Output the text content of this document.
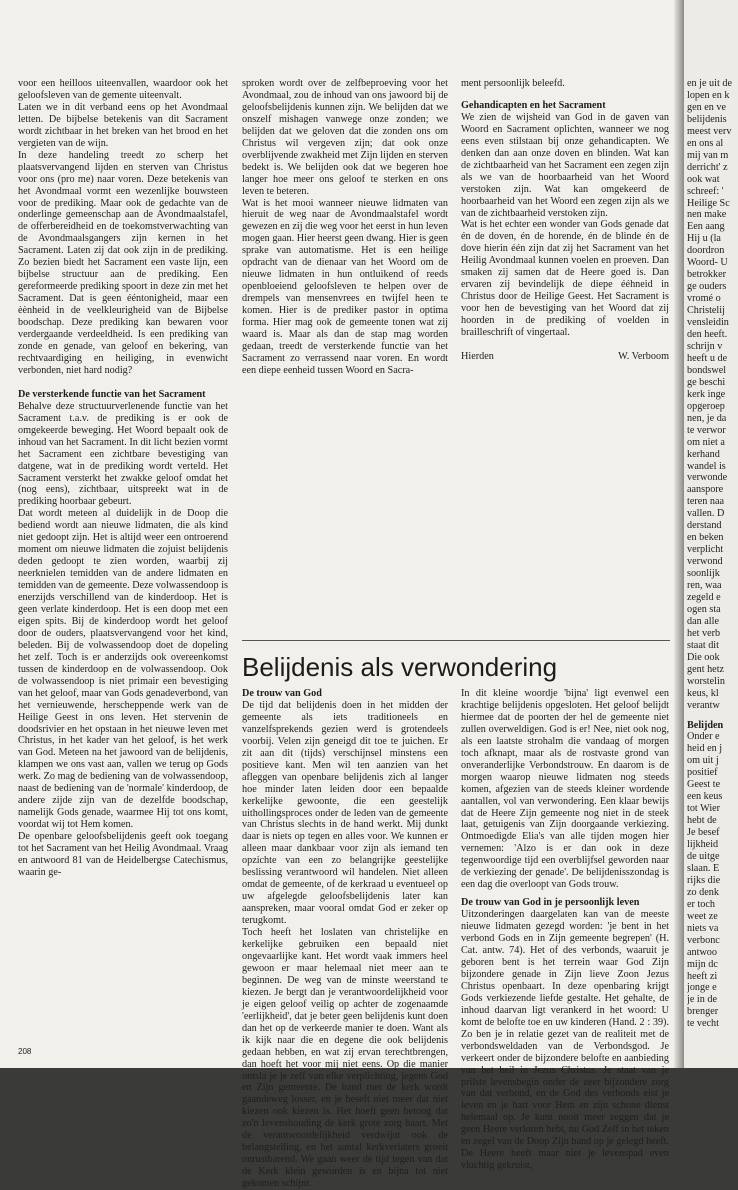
voor een heilloos uiteenvallen, waardoor ook het geloofsleven van de gemente uiteenvalt.

Laten we in dit verband eens op het Avondmaal letten. De bijbelse betekenis van dit Sacrament wordt zichtbaar in het breken van het brood en het vergieten van de wijn.

In deze handeling treedt zo scherp het plaatsvervangend lijden en sterven van Christus voor ons (pro me) naar voren. Deze betekenis van het Avondmaal vormt een wezenlijke bouwsteen voor de prediking. Maar ook de gedachte van de onderlinge gemeenschap aan de Avondmaalstafel, de offerbereidheid en de toekomstverwachting van de Avondmaalsgangers zijn kernen in het Sacrament. Laten zij dat ook zijn in de prediking. Zo bezien biedt het Sacrament een vaste lijn, een bijbelse structuur aan de prediking. Een gereformeerde prediking spoort in deze zin met het Sacrament. Dat is geen ééntonigheid, maar een ėėnheid in de veelkleurigheid van de Bijbelse boodschap. Deze prediking kan bewaren voor verdergaande verdeeldheid. Is een prediking van zonde en genade, van geloof en bekering, van rechtvaardiging en heiliging, in evenwicht verbonden, niet hard nodig?

De versterkende functie van het Sacrament

Behalve deze structuurverlenende functie van het Sacrament t.a.v. de prediking is er ook de omgekeerde beweging. Het Woord bepaalt ook de inhoud van het Sacrament. In dit licht bezien vormt het Sacrament een zichtbare bevestiging van datgene, wat in de prediking wordt verteld. Het Sacrament versterkt het zwakke geloof omdat het (nog eens), zichtbaar, uitspreekt wat in de prediking hoorbaar gebeurt.

Dat wordt meteen al duidelijk in de Doop die bediend wordt aan nieuwe lidmaten, die als kind niet gedoopt zijn. Het is altijd weer een ontroerend moment om nieuwe lidmaten die zojuist belijdenis deden gedoopt te zien worden, waarbij zij neerknielen temidden van de andere lidmaten en temidden van de gemeente. Deze volwassendoop is enerzijds verschillend van de kinderdoop. Het is geen verlate kinderdoop. Het is een doop met een eigen spits. Bij de kinderdoop wordt het geloof door de ouders, plaatsvervangend voor het kind, beleden. Bij de volwassendoop doet de dopeling het zelf. Toch is er anderzijds ook overeenkomst tussen de kinderdoop en de volwassendoop. Ook de volwassendoop is niet primair een bevestiging van het geloof, maar van Gods genadeverbond, van het vernieuwende, herscheppende werk van de Heilige Geest in ons leven. Het stervenin de doodsrivier en het opstaan in het nieuwe leven met Christus, in het kader van het geloof, is het werk van God. Meteen na het jawoord van de belijdenis, klampen we ons vast aan, vallen we terug op Gods werk. Zo mag de bediening van de volwassendoop, naast de bediening van de 'normale' kinderdoop, de andere zijde zijn van de dezelfde boodschap, namelijk Gods genade, waarmee Hij tot ons komt, voordat wij tot Hem komen.

De openbare geloofsbelijdenis geeft ook toegang tot het Sacrament van het Heilig Avondmaal. Vraag en antwoord 81 van de Heidelbergse Catechismus, waarin ge-

sproken wordt over de zelfbeproeving voor het Avondmaal, zou de inhoud van ons jawoord bij de geloofsbelijdenis kunnen zijn. We belijden dat we onszelf mishagen vanwege onze zonden; we belijden dat we geloven dat die zonden ons om Christus wil vergeven zijn; dat ook onze overblijvende zwakheid met Zijn lijden en sterven bedekt is. We belijden ook dat we begeren hoe langer hoe meer ons geloof te sterken en ons leven te beteren.

Wat is het mooi wanneer nieuwe lidmaten van hieruit de weg naar de Avondmaalstafel wordt gewezen en zij die weg voor het eerst in hun leven mogen gaan. Hier heerst geen dwang. Hier is geen sprake van automatisme. Het is een heilige opdracht van de dienaar van het Woord om de nieuwe lidmaten in hun ontluikend of reeds openbloeiend geloofsleven te helpen over de drempels van mensenvrees en twijfel heen te komen. Hier is de prediker pastor in optima forma. Hier mag ook de gemeente tonen wat zij waard is. Maar als dan de stap mag worden gedaan, treedt de versterkende functie van het Sacrament zo verrassend naar voren. En wordt een diepe eenheid tussen Woord en Sacra-

ment persoonlijk beleefd.

Gehandicapten en het Sacrament

We zien de wijsheid van God in de gaven van Woord en Sacrament oplichten, wanneer we nog eens even stilstaan bij onze gehandicapten. We denken dan aan onze doven en blinden. Wat kan de zichtbaarheid van het Sacrament een zegen zijn als we van de hoorbaarheid van het Woord verstoken zijn. Wat kan omgekeerd de hoorbaarheid van het Woord een zegen zijn als we van de zichtbaarheid verstoken zijn.

Wat is het echter een wonder van Gods genade dat én de doven, én de horende, én de blinde én de dove hierin één zijn dat zij het Sacrament van het Heilig Avondmaal kunnen voelen en proeven. Dan smaken zij samen dat de Heere goed is. Dan ervaren zij bevindelijk de diepe ééhneid in Christus door de Heilige Geest. Het Sacrament is voor hen de bevestiging van het Woord dat zij hoorden in de prediking of voelden in brailleschrift of vingertaal.

Hierden	W. Verboom
Belijdenis als verwondering
De trouw van God

De tijd dat belijdenis doen in het midden der gemeente als iets traditioneels en vanzelfsprekends gezien werd is grotendeels voorbij. Velen zijn geneigd dit toe te juichen. Er zit aan dit (tijds) verschijnsel minstens een positieve kant. Men wil ten aanzien van het afleggen van openbare belijdenis zich al langer hoe minder laten leiden door een bepaalde kerkelijke gewoonte, die een geestelijk uithollingsproces onder de leden van de gemeente van Christus slechts in de hand werkt. Mij dunkt daar is niets op tegen en alles voor. We kunnen er alleen maar dankbaar voor zijn als iemand ten opzichte van een zo belangrijke geestelijke beslissing verantwoord wil handelen. Niet alleen omdat de gemeente, of de kerkraad u eventueel op uw afgelegde geloofsbelijdenis later kan aanspreken, maar vooral omdat God er zeker op terugkomt.

Toch heeft het loslaten van christelijke en kerkelijke gebruiken een bepaald niet ongevaarlijke kant. Het wordt vaak immers heel gewoon er maar helemaal niet meer aan te beginnen. De weg van de minste weerstand te kiezen. Je bergt dan je verantwoordelijkheid voor je eigen geloof veilig op achter de zogenaamde 'eerlijkheid', dat je beter geen belijdenis kunt doen dan het op de verkeerde manier te doen. Want als ik kijk naar die en degene die ook belijdenis gedaan hebben, en wat zij ervan terechtbrengen, dan hoeft het voor mij niet eens. Op die manier ontsla je je zelf van elke verplichting, jegens God en Zijn gemeente. De band met de kerk wordt gaandeweg losser, en je beseft niet meer dat niet kiezen ook kiezen is. Het hoeft geen betoog dat zo'n levenshouding de kerk grote zorg baart. Met de verantwoordelijkheid verdwijnt ook de belangstelling, en het aantal kerkverlaters groeit onrustbarend. We gaan weer de tijd tegen van dat de Kerk klein geworden is en bijna tot niet gekomen schijnt.

In dit kleine woordje 'bijna' ligt evenwel een krachtige belijdenis opgesloten. Het geloof belijdt hiermee dat de poorten der hel de gemeente niet zullen overweldigen. God is er! Nee, niet ook nog, als een laatste strohalm die vandaag of morgen toch afknapt, maar als de rostvaste grond van onveranderlijke Verbondstrouw. En daarom is de morgen waarop nieuwe lidmaten nog steeds komen, afgezien van de steeds kleiner wordende aantallen, vol van verwondering. Een klaar bewijs dat de Heere Zijn gemeente nog niet in de steek laat, getuigenis van Zijn doorgaande verkiezing. Ontmoedigde Elia's van alle tijden mogen hier vernemen: 'Alzo is er dan ook in deze tegenwoordige tijd een overblijfsel geworden naar de verkiezing der genade'. De belijdenisszondag is een dag die overloopt van Gods trouw.

De trouw van God in je persoonlijk leven

Uitzonderingen daargelaten kan van de meeste nieuwe lidmaten gezegd worden: 'je bent in het verbond Gods en in Zijn gemeente begrepen' (H. Cat. antw. 74). Het of des verbonds, waaruit je geboren bent is het terrein waar God Zijn bijzondere genade in Zijn lieve Zoon Jezus Christus openbaart. In deze openbaring krijgt Gods verkiezende liefde gestalte. Het gehalte, de inhoud daarvan ligt verankerd in het woord: U komt de belofte toe en uw kinderen (Hand. 2 : 39). Zo ben je in relatie gezet van de realiteit met de verbondsweldaden van de Verbondsgod. Je verkeert onder de bijzondere belofte en aanbieding van het heil in Jezus Christus. Je staat van je prilste levensbegin onder de zeer bijzondere zorg van dat verbond, en de God des verbonds eist je leven en je hart voor Hem en zijn schone dienst helemaal op. Je kunt nooit meer zeggen dat je geen Heere verloren hebt, nu God Zelf in het teken en zegel van de Doop Zijn hand op je gelegd heeft. De Heere heeft maar niet je levenspad even vluchtig gekruist,

208
en je uit de
lopen en k
gen en ve
belijdenis
meest verv
en ons al
mij van m
derricht' z
ook wat
schreef: '
Heilige Sc
nen make
Een aang
Hij u (la
doordron
Woord- U
betrokker
ge ouders
vromé o
Christelij
vensleidin
den heeft.
schrijn v
heeft u de
bondswel
ge beschi
kerk inge
opgeroep
nen, je da
te verwor
om niet a
kerhand
wandel is
verwonde
aanspore
teren naa
vallen. D
derstand
en beken
verplicht
verwond
soonlijk
ren, waa
zegeld e
ogen sta
dan alle
het verb
staat dit
Die ook
gent hetz
worstelin
keus, kl
verantw
Belijden
Onder e
heid en j
om uit j
positief
Geest te
een keus
tot Wier
hebt de
Je besef
lijkheid
de uitge
slaan. E
rijks die
zo denk
er toch
weet ze
niets va
verbonc
antwoo
mijn dc
heeft zi
jonge e
je in de
brenger
te vecht
